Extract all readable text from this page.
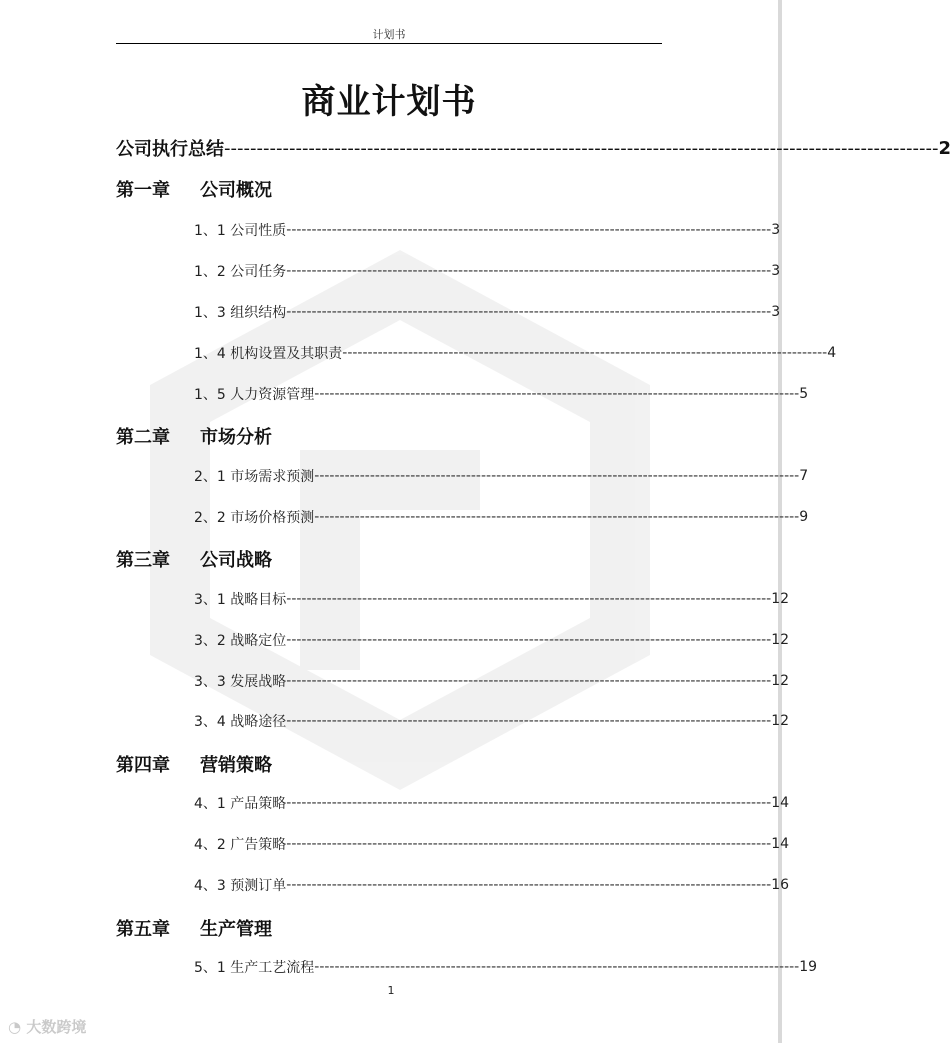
计划书
商业计划书
公司执行总结 -------------------------------------------------------------------------------------------------------------- 2
第一章	公司概况
1、1 公司性质 ------------------------------------------------------------------------------------------------ 3
1、2 公司任务 ------------------------------------------------------------------------------------------------ 3
1、3 组织结构 ------------------------------------------------------------------------------------------------ 3
1、4 机构设置及其职责 ------------------------------------------------------------------------------------------------ 4
1、5 人力资源管理 ------------------------------------------------------------------------------------------------ 5
第二章	市场分析
2、1 市场需求预测 ------------------------------------------------------------------------------------------------ 7
2、2 市场价格预测 ------------------------------------------------------------------------------------------------ 9
第三章	公司战略
3、1 战略目标 ------------------------------------------------------------------------------------------------ 12
3、2 战略定位 ------------------------------------------------------------------------------------------------ 12
3、3 发展战略 ------------------------------------------------------------------------------------------------ 12
3、4 战略途径 ------------------------------------------------------------------------------------------------ 12
第四章	营销策略
4、1 产品策略 ------------------------------------------------------------------------------------------------ 14
4、2 广告策略 ------------------------------------------------------------------------------------------------ 14
4、3 预测订单 ------------------------------------------------------------------------------------------------ 16
第五章	生产管理
5、1 生产工艺流程 ------------------------------------------------------------------------------------------------ 19
1
◔ 大数跨境
